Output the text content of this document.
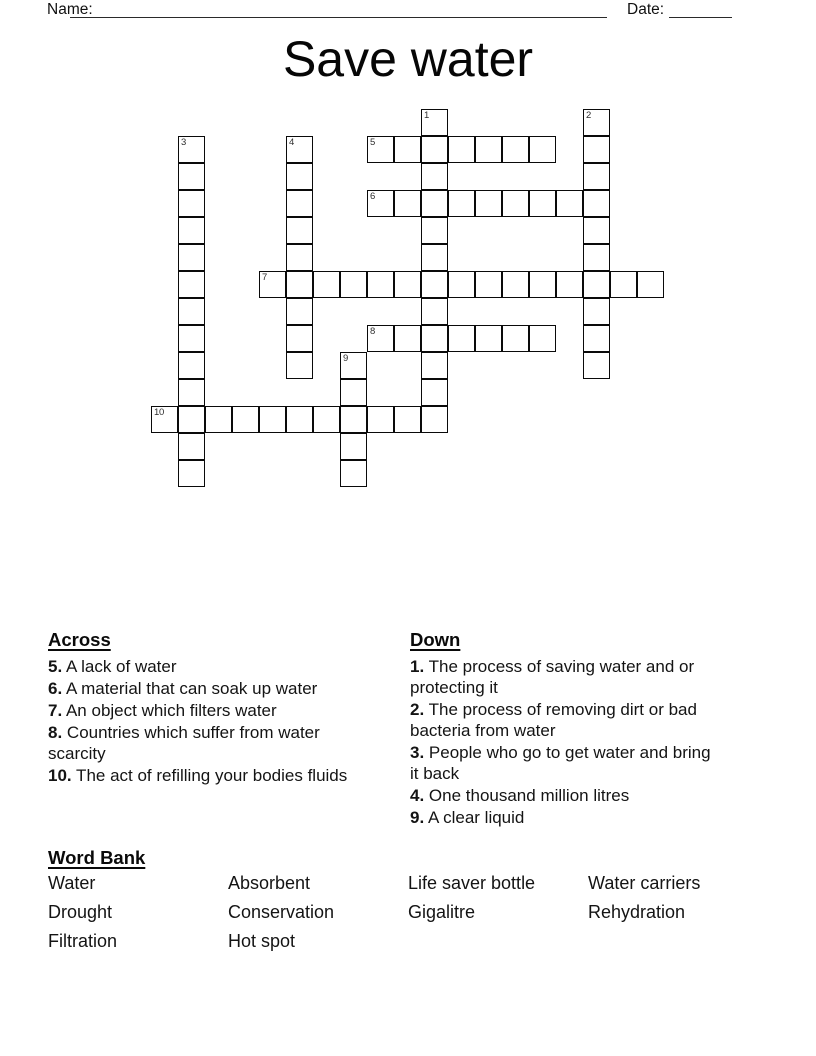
Name:	Date:
Save water
1	2
3	4	5
6
7
8
9
10
Across

5. A lack of water

6. A material that can soak up water

7. An object which filters water

8. Countries which suffer from water scarcity

10. The act of refilling your bodies fluids

Down

1. The process of saving water and or protecting it

2. The process of removing dirt or bad bacteria from water

3. People who go to get water and bring it back

4. One thousand million litres

9. A clear liquid

Word Bank
Water
Drought
Filtration
Absorbent
Conservation
Hot spot
Life saver bottle
Gigalitre
Water carriers
Rehydration
